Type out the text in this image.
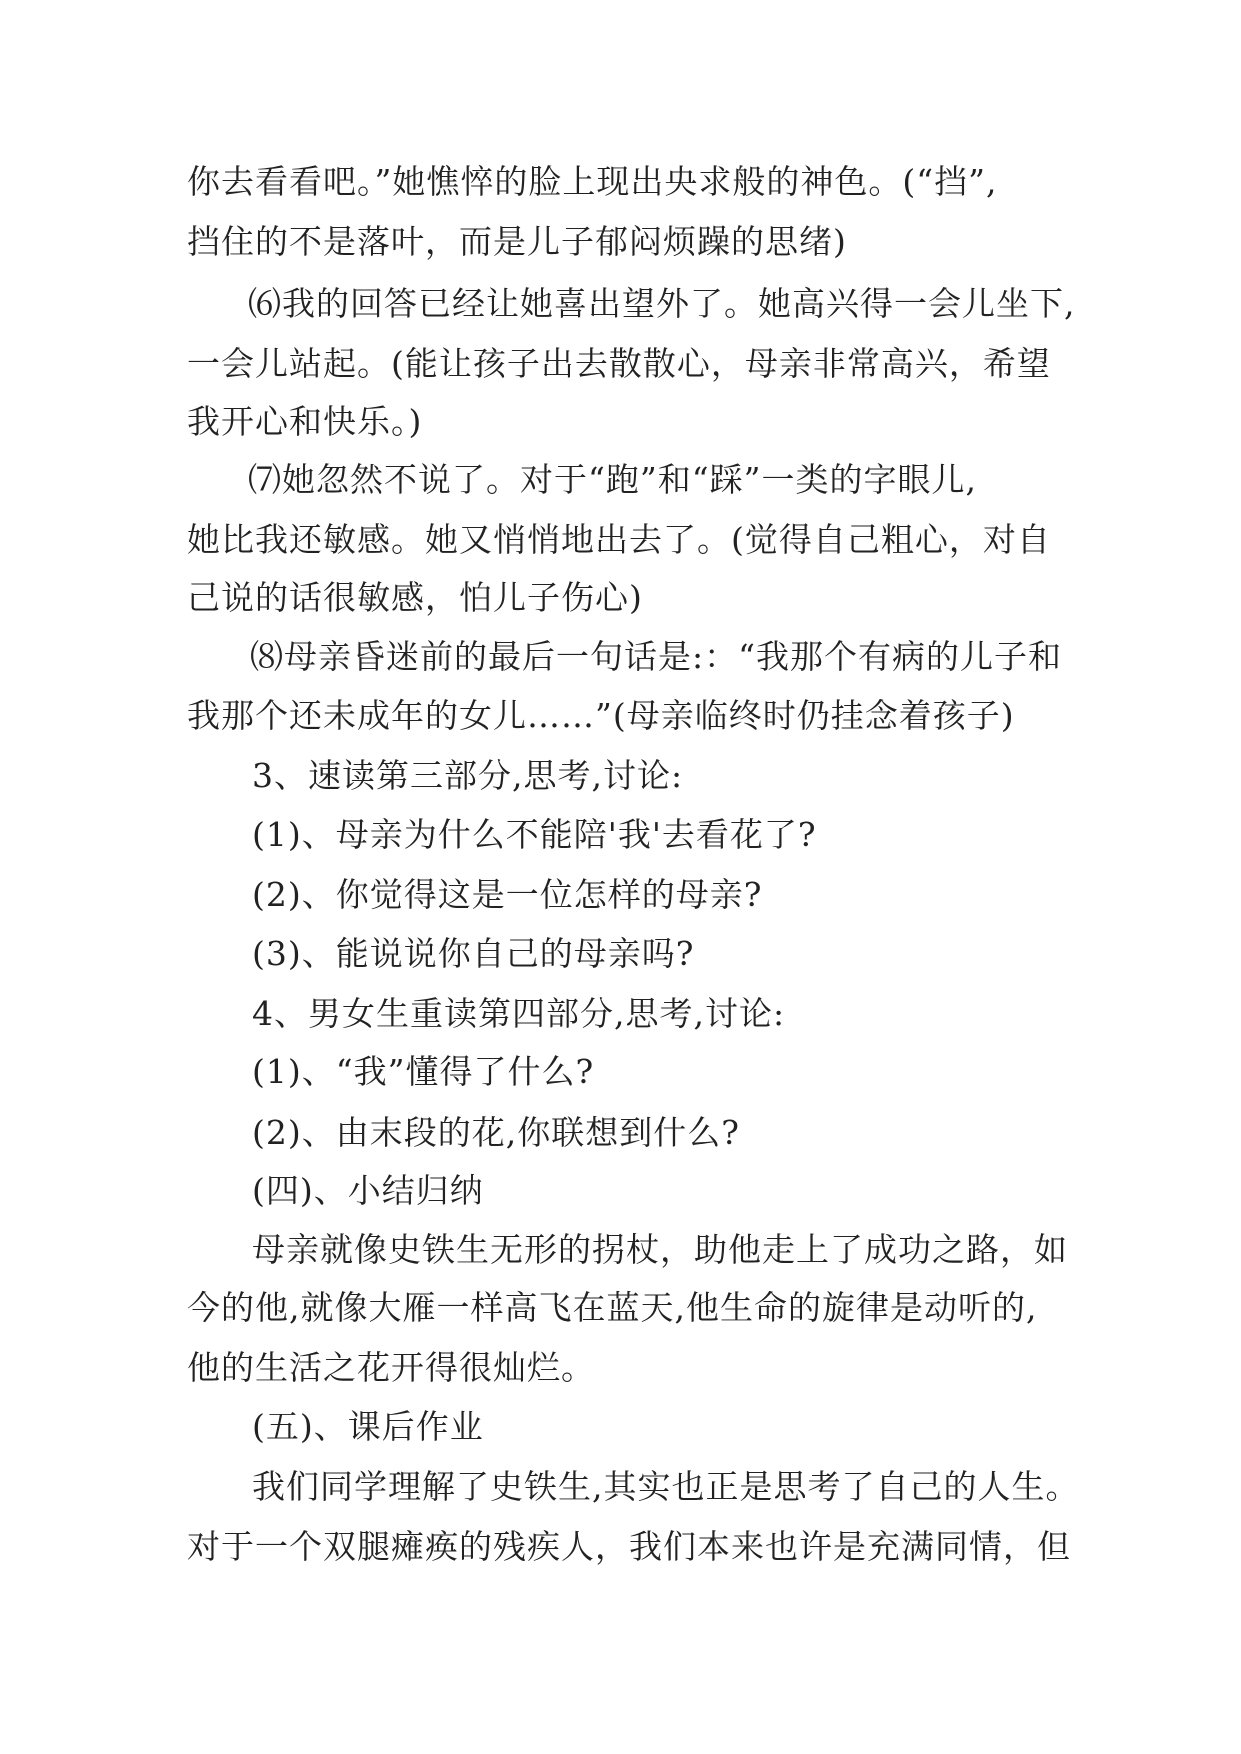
你去看看吧。”她憔悴的脸上现出央求般的神色。(“挡”,
挡住的不是落叶，而是儿子郁闷烦躁的思绪)
⑹我的回答已经让她喜出望外了。她高兴得一会儿坐下,
一会儿站起。(能让孩子出去散散心，母亲非常高兴，希望
我开心和快乐。)
⑺她忽然不说了。对于“跑”和“踩”一类的字眼儿,
她比我还敏感。她又悄悄地出去了。(觉得自己粗心，对自
己说的话很敏感，怕儿子伤心)
⑻母亲昏迷前的最后一句话是:：“我那个有病的儿子和
我那个还未成年的女儿……”(母亲临终时仍挂念着孩子)
3、速读第三部分,思考,讨论:
(1)、母亲为什么不能陪'我'去看花了?
(2)、你觉得这是一位怎样的母亲?
(3)、能说说你自己的母亲吗?
4、男女生重读第四部分,思考,讨论:
(1)、“我”懂得了什么?
(2)、由末段的花,你联想到什么?
(四)、小结归纳
母亲就像史铁生无形的拐杖，助他走上了成功之路，如
今的他,就像大雁一样高飞在蓝天,他生命的旋律是动听的,
他的生活之花开得很灿烂。
(五)、课后作业
我们同学理解了史铁生,其实也正是思考了自己的人生。
对于一个双腿瘫痪的残疾人，我们本来也许是充满同情，但
